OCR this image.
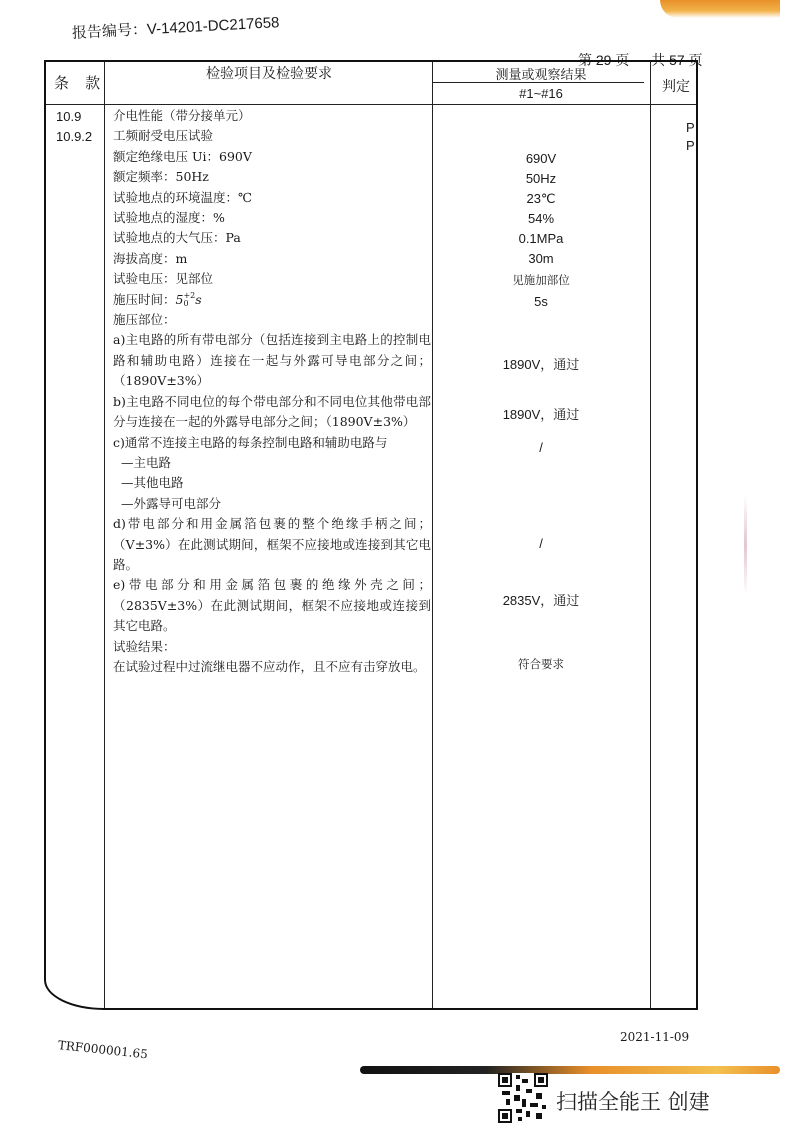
报告编号：V-14201-DC217658
第 29 页 共 57 页
条 款
检验项目及检验要求	测量或观察结果
#1~#16	判定
10.9
10.9.2
介电性能（带分接单元）
工频耐受电压试验
额定绝缘电压 Ui：690V
额定频率：50Hz
试验地点的环境温度：℃
试验地点的湿度：%
试验地点的大气压：Pa
海拔高度：m
试验电压：见部位
施压时间：5 +2
0 s
施压部位：
a)主电路的所有带电部分（包括连接到主电路上的控制电路和辅助电路）连接在一起与外露可导电部分之间；（1890V±3%）
b)主电路不同电位的每个带电部分和不同电位其他带电部分与连接在一起的外露导电部分之间；（1890V±3%）
c)通常不连接主电路的每条控制电路和辅助电路与
—主电路
—其他电路
—外露导可电部分
d)带电部分和用金属箔包裹的整个绝缘手柄之间；（V±3%）在此测试期间，框架不应接地或连接到其它电路。
e)带电部分和用金属箔包裹的绝缘外壳之间；（2835V±3%）在此测试期间，框架不应接地或连接到其它电路。
试验结果：
在试验过程中过流继电器不应动作，且不应有击穿放电。
690V
50Hz
23℃
54%
0.1MPa
30m
见施加部位
5s
1890V，通过
1890V，通过
/
/
2835V，通过
符合要求
P
P
TRF000001.65
2021-11-09
扫描全能王 创建
